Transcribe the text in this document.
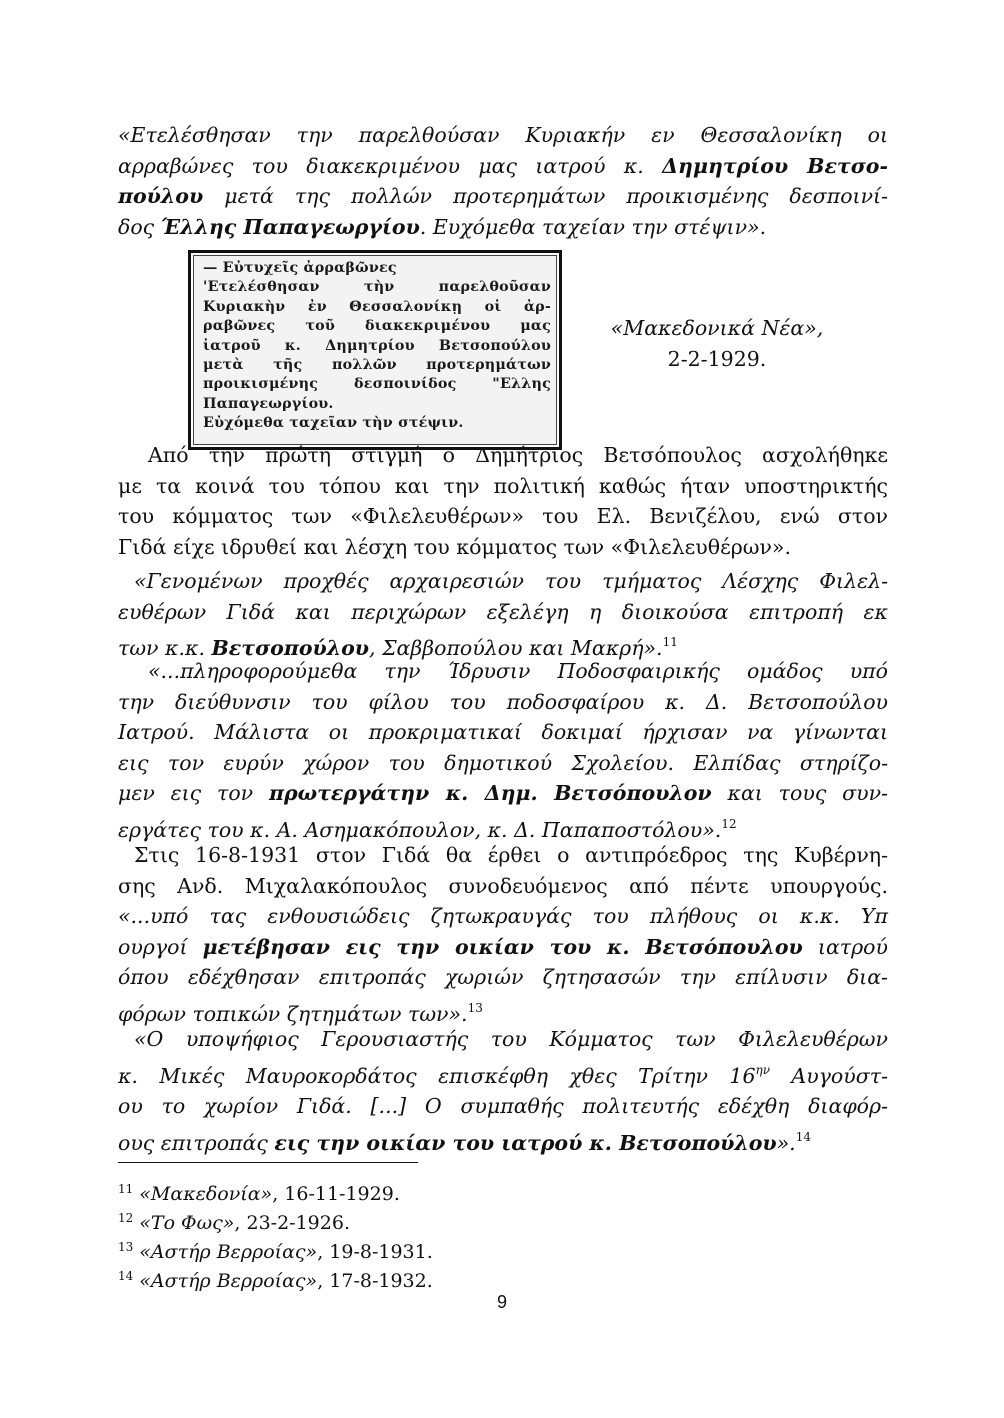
«Ετελέσθησαν την παρελθούσαν Κυριακήν εν Θεσσαλονίκη οι
αρραβώνες του διακεκριμένου μας ιατρού κ. Δημητρίου Βετσο-
πούλου μετά της πολλών προτερημάτων προικισμένης δεσποινί-
δος Έλλης Παπαγεωργίου. Ευχόμεθα ταχείαν την στέψιν».

— Εὐτυχεῖς ἀρραβῶνες
'Ετελέσθησαν τὴν παρελθοῦσαν
Κυριακὴν ἐν Θεσσαλονίκῃ οἱ ἀρ-
ραβῶνες τοῦ διακεκριμένου μας
ἰατροῦ κ. Δημητρίου Βετσοπούλου
μετὰ τῆς πολλῶν προτερημάτων
προικισμένης δεσποινίδος "Ελλης
Παπαγεωργίου.
Εὐχόμεθα ταχεῖαν τὴν στέψιν.
«Μακεδονικά Νέα»,
2-2-1929.

Από την πρώτη στιγμή ο Δημήτριος Βετσόπουλος ασχολήθηκε
με τα κοινά του τόπου και την πολιτική καθώς ήταν υποστηρικτής
του κόμματος των «Φιλελευθέρων» του Ελ. Βενιζέλου, ενώ στον
Γιδά είχε ιδρυθεί και λέσχη του κόμματος των «Φιλελευθέρων».

«Γενομένων προχθές αρχαιρεσιών του τμήματος Λέσχης Φιλελ-
ευθέρων Γιδά και περιχώρων εξελέγη η διοικούσα επιτροπή εκ
των κ.κ. Βετσοπούλου, Σαββοπούλου και Μακρή».$^{11}$

«...πληροφορούμεθα την Ίδρυσιν Ποδοσφαιρικής ομάδος υπό
την διεύθυνσιν του φίλου του ποδοσφαίρου κ. Δ. Βετσοπούλου
Ιατρού. Μάλιστα οι προκριματικαί δοκιμαί ήρχισαν να γίνωνται
εις τον ευρύν χώρον του δημοτικού Σχολείου. Ελπίδας στηρίζο-
μεν εις τον πρωτεργάτην κ. Δημ. Βετσόπουλον και τους συν-
εργάτες του κ. Α. Ασημακόπουλον, κ. Δ. Παπαποστόλου».$^{12}$

Στις 16-8-1931 στον Γιδά θα έρθει ο αντιπρόεδρος της Κυβέρνη-
σης Ανδ. Μιχαλακόπουλος συνοδευόμενος από πέντε υπουργούς.
«...υπό τας ενθουσιώδεις ζητωκραυγάς του πλήθους οι κ.κ. Υπ
ουργοί μετέβησαν εις την οικίαν του κ. Βετσόπουλου ιατρού
όπου εδέχθησαν επιτροπάς χωριών ζητησασών την επίλυσιν δια-
φόρων τοπικών ζητημάτων των».$^{13}$

«Ο υποψήφιος Γερουσιαστής του Κόμματος των Φιλελευθέρων
κ. Μικές Μαυροκορδάτος επισκέφθη χθες Τρίτην $16^{\eta\nu}$ Αυγούστ-
ου το χωρίον Γιδά. [...] Ο συμπαθής πολιτευτής εδέχθη διαφόρ-
ους επιτροπάς εις την οικίαν του ιατρού κ. Βετσοπούλου».$^{14}$

$^{11}$ «Μακεδονία», 16-11-1929.
$^{12}$ «Το Φως», 23-2-1926.
$^{13}$ «Αστήρ Βερροίας», 19-8-1931.
$^{14}$ «Αστήρ Βερροίας», 17-8-1932.
9
